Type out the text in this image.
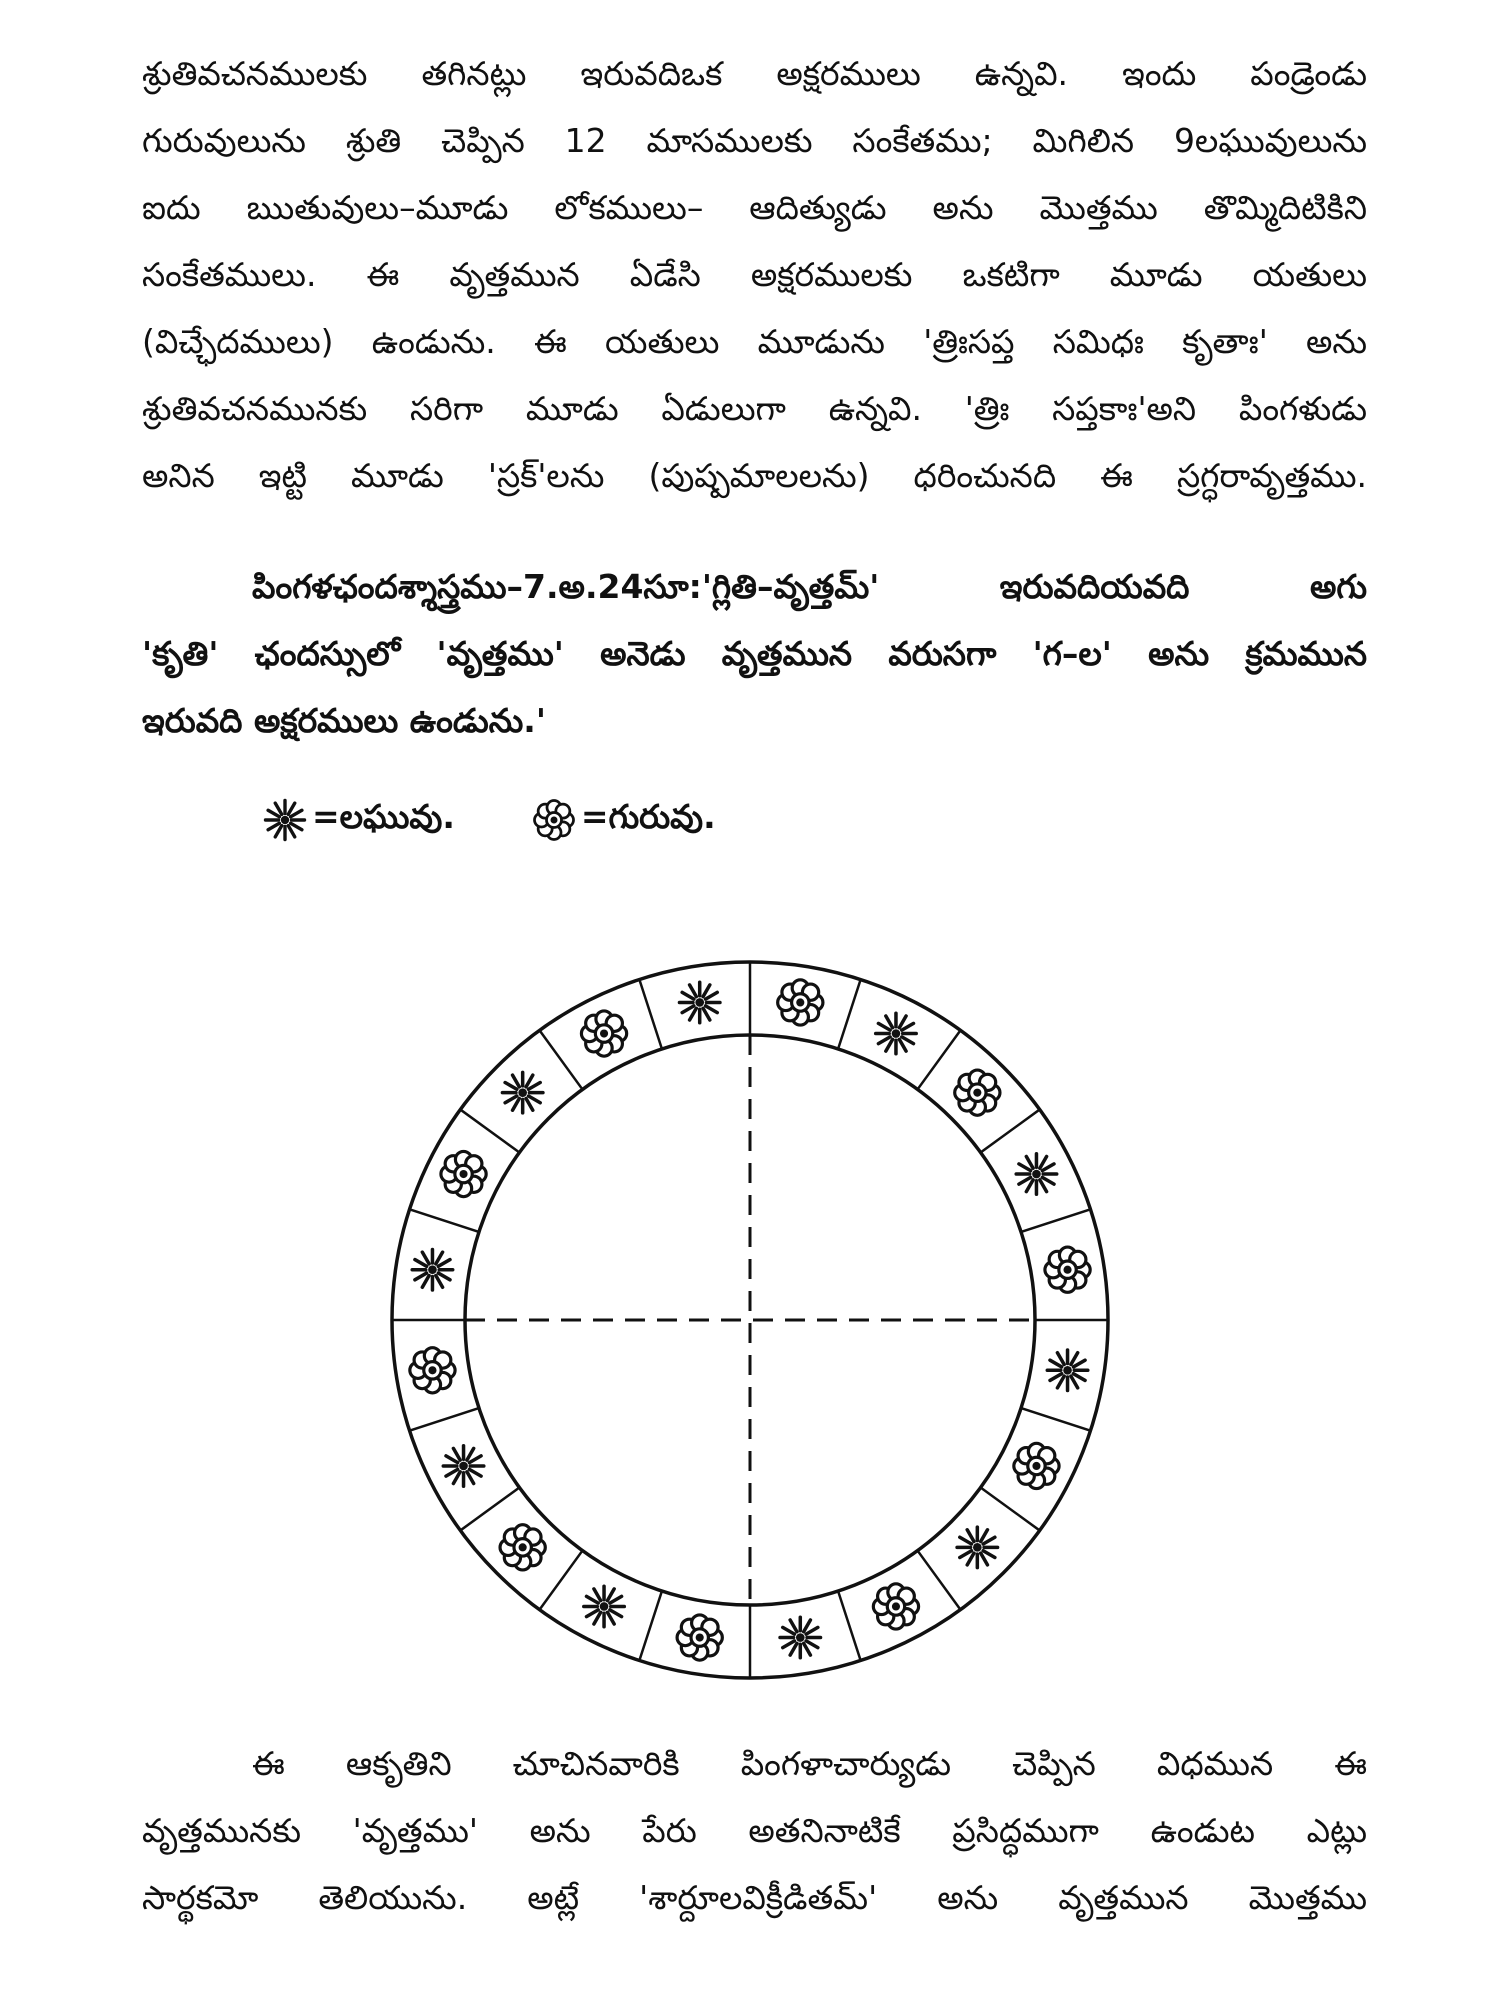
శ్రుతివచనములకు తగినట్లు ఇరువదిఒక అక్షరములు ఉన్నవి. ఇందు పండ్రెండు
గురువులును శ్రుతి చెప్పిన 12 మాసములకు సంకేతము; మిగిలిన 9లఘువులును
ఐదు ఋతువులు–మూడు లోకములు– ఆదిత్యుడు అను మొత్తము తొమ్మిదిటికిని
సంకేతములు. ఈ వృత్తమున ఏడేసి అక్షరములకు ఒకటిగా మూడు యతులు
(విచ్ఛేదములు) ఉండును. ఈ యతులు మూడును 'త్రిఃసప్త సమిధః కృతాః' అను
శ్రుతివచనమునకు సరిగా మూడు ఏడులుగా ఉన్నవి. 'త్రిః సప్తకాః'అని పింగళుడు
అనిన ఇట్టి మూడు 'స్రక్'లను (పుష్పమాలలను) ధరించునది ఈ స్రగ్ధరావృత్తము.
పింగళఛందశ్శాస్త్రము–7.అ.24సూ:'గ్లితి–వృత్తమ్' ఇరువదియవది అగు
'కృతి' ఛందస్సులో 'వృత్తము' అనెడు వృత్తమున వరుసగా 'గ–ల' అను క్రమమున
ఇరువది అక్షరములు ఉండును.'
=లఘువు.	=గురువు.
ఈ ఆకృతిని చూచినవారికి పింగళాచార్యుడు చెప్పిన విధమున ఈ
వృత్తమునకు 'వృత్తము' అను పేరు అతనినాటికే ప్రసిద్ధముగా ఉండుట ఎట్లు
సార్థకమో తెలియును. అట్లే 'శార్దూలవిక్రీడితమ్' అను వృత్తమున మొత్తము
